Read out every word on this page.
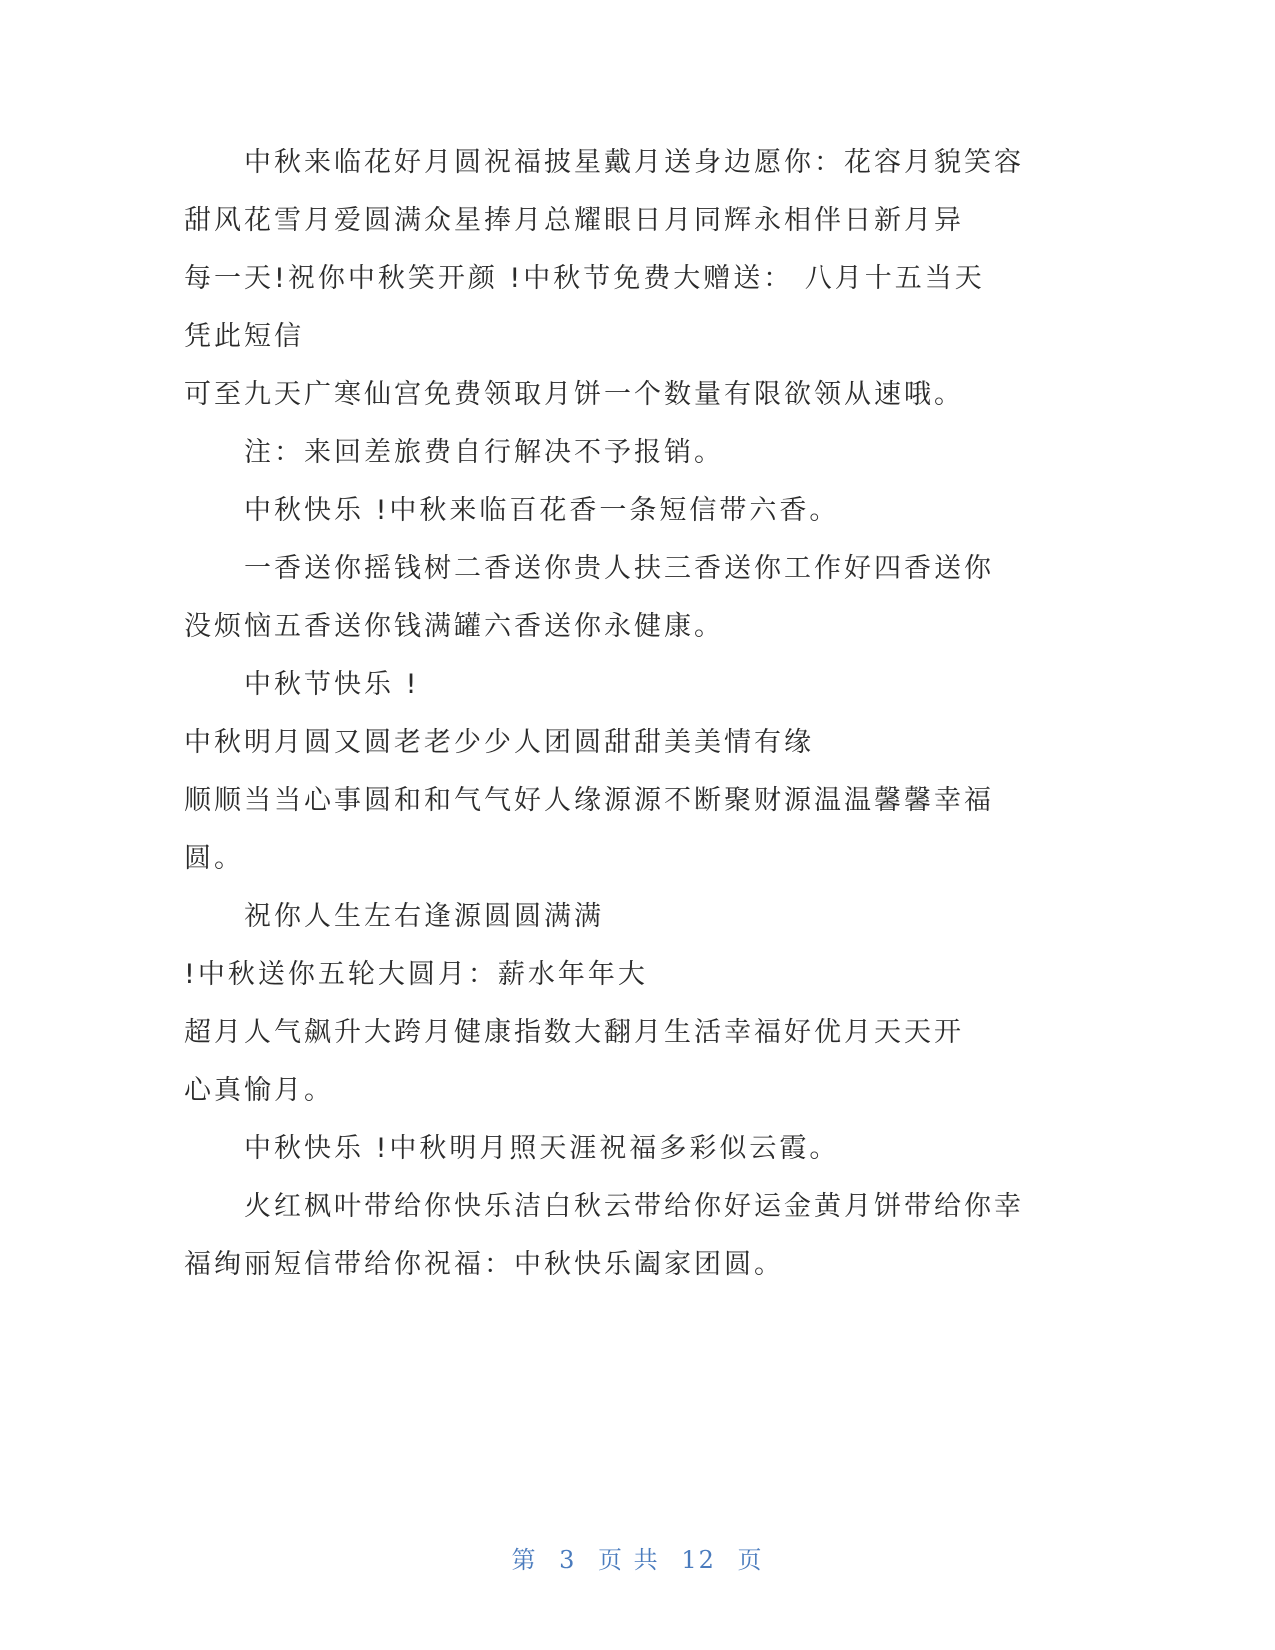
中秋来临花好月圆祝福披星戴月送身边愿你：花容月貌笑容
甜风花雪月爱圆满众星捧月总耀眼日月同辉永相伴日新月异
每一天!祝你中秋笑开颜 !中秋节免费大赠送： 八月十五当天
凭此短信
可至九天广寒仙宫免费领取月饼一个数量有限欲领从速哦。
注：来回差旅费自行解决不予报销。
中秋快乐 !中秋来临百花香一条短信带六香。
一香送你摇钱树二香送你贵人扶三香送你工作好四香送你
没烦恼五香送你钱满罐六香送你永健康。
中秋节快乐 !
中秋明月圆又圆老老少少人团圆甜甜美美情有缘
顺顺当当心事圆和和气气好人缘源源不断聚财源温温馨馨幸福
圆。
祝你人生左右逢源圆圆满满
!中秋送你五轮大圆月：薪水年年大
超月人气飙升大跨月健康指数大翻月生活幸福好优月天天开
心真愉月。
中秋快乐 !中秋明月照天涯祝福多彩似云霞。
火红枫叶带给你快乐洁白秋云带给你好运金黄月饼带给你幸
福绚丽短信带给你祝福：中秋快乐阖家团圆。
第 3 页 共 12 页
